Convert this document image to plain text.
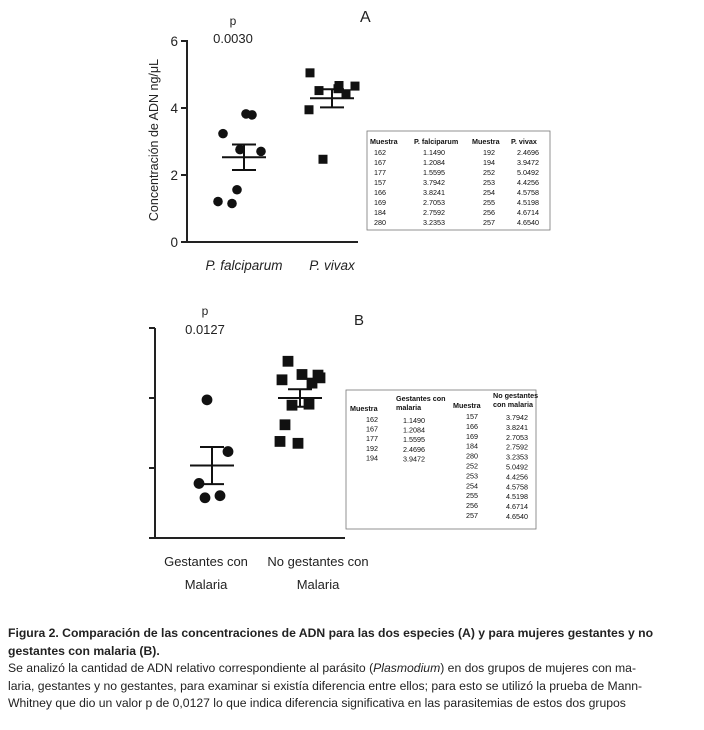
A
p
0.0030
Concentración de ADN ng/μL
0
2
4
6
P. falciparum P. vivax
Muestra P. falciparum Muestra P. vivax
162	1.1490	192	2.4696
167	1.2084	194	3.9472
177	1.5595	252	5.0492
157	3.7942	253	4.4256
166	3.8241	254	4.5758
169	2.7053	255	4.5198
184	2.7592	256	4.6714
280	3.2353	257	4.6540
B
p
0.0127
Gestantes con
Malaria
No gestantes con
Malaria
Muestra
Gestantes con
malaria	Muestra
No gestantes
con malaria
162	1.1490
167	1.2084
177	1.5595
192	2.4696
194	3.9472
157	3.7942
166	3.8241
169	2.7053
184	2.7592
280	3.2353
252	5.0492
253	4.4256
254	4.5758
255	4.5198
256	4.6714
257	4.6540
Figura 2. Comparación de las concentraciones de ADN para las dos especies (A) y para mujeres gestantes y no gestantes con malaria (B).
Se analizó la cantidad de ADN relativo correspondiente al parásito (Plasmodium) en dos grupos de mujeres con ma-
laria, gestantes y no gestantes, para examinar si existía diferencia entre ellos; para esto se utilizó la prueba de Mann-
Whitney que dio un valor p de 0,0127 lo que indica diferencia significativa en las parasitemias de estos dos grupos
